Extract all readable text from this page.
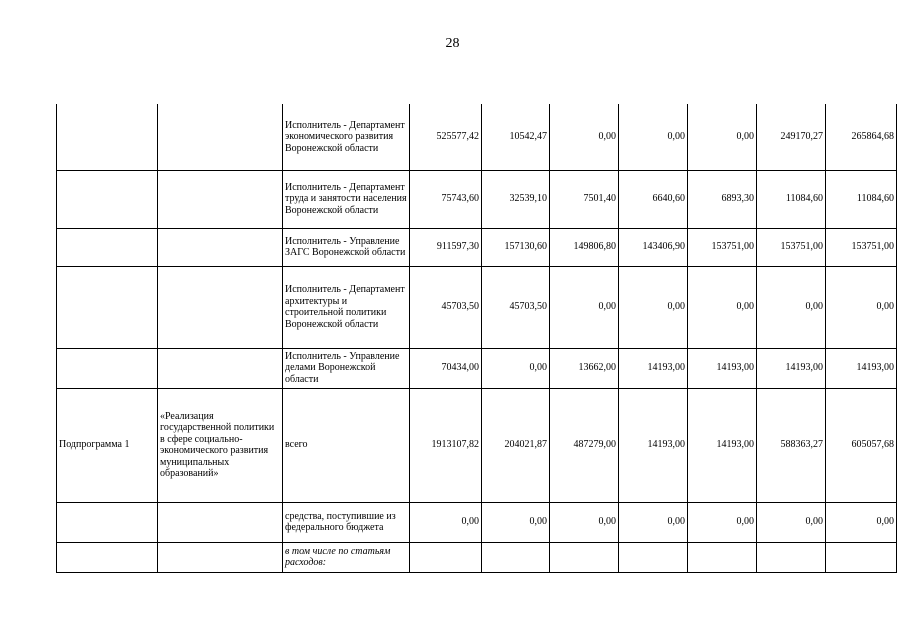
28
		Исполнитель - Департамент экономического развития Воронежской области	525577,42	10542,47	0,00	0,00	0,00	249170,27	265864,68
		Исполнитель - Департамент труда и занятости населения Воронежской области	75743,60	32539,10	7501,40	6640,60	6893,30	11084,60	11084,60
		Исполнитель - Управление ЗАГС Воронежской области	911597,30	157130,60	149806,80	143406,90	153751,00	153751,00	153751,00
		Исполнитель - Департамент архитектуры и строительной политики Воронежской области	45703,50	45703,50	0,00	0,00	0,00	0,00	0,00
		Исполнитель - Управление делами Воронежской области	70434,00	0,00	13662,00	14193,00	14193,00	14193,00	14193,00
Подпрограмма 1	«Реализация государственной политики в сфере социально-экономического развития муниципальных образований»	всего	1913107,82	204021,87	487279,00	14193,00	14193,00	588363,27	605057,68
		средства, поступившие из федерального бюджета	0,00	0,00	0,00	0,00	0,00	0,00	0,00
		в том числе по статьям расходов:							
